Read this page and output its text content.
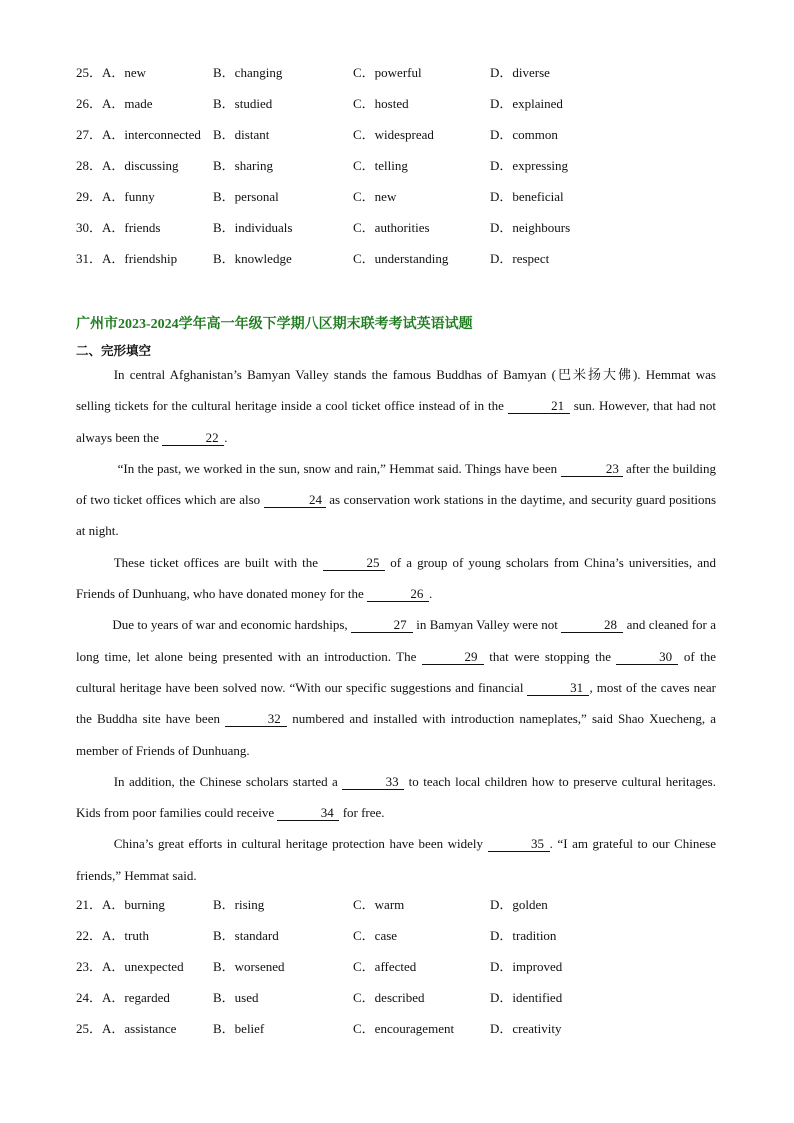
25． A．new	B．changing	C．powerful	D．diverse
26． A．made	B．studied	C．hosted	D．explained
27． A．interconnected B．distant	C．widespread	D．common
28． A．discussing	B．sharing	C．telling	D．expressing
29． A．funny	B．personal	C．new	D．beneficial
30． A．friends	B．individuals	C．authorities	D．neighbours
31． A．friendship	B．knowledge	C．understanding	D．respect
广州市2023-2024学年高一年级下学期八区期末联考考试英语试题
二、完形填空

In central Afghanistan’s Bamyan Valley stands the famous Buddhas of Bamyan (巴米扬大佛). Hemmat was selling tickets for the cultural heritage inside a cool ticket office instead of in the	21 sun. However, that had not always been the	22 .

“In the past, we worked in the sun, snow and rain,” Hemmat said. Things have been	23 after the building of two ticket offices which are also	24 as conservation work stations in the daytime, and security guard positions at night.

These ticket offices are built with the	25 of a group of young scholars from China’s universities, and Friends of Dunhuang, who have donated money for the	26 .

Due to years of war and economic hardships,	27 in Bamyan Valley were not	28 and cleaned for a long time, let alone being presented with an introduction. The	29 that were stopping the	30 of the cultural heritage have been solved now. “With our specific suggestions and financial	31 , most of the caves near the Buddha site have been	32 numbered and installed with introduction nameplates,” said Shao Xuecheng, a member of Friends of Dunhuang.

In addition, the Chinese scholars started a	33 to teach local children how to preserve cultural heritages. Kids from poor families could receive	34 for free.

China’s great efforts in cultural heritage protection have been widely	35 . “I am grateful to our Chinese friends,” Hemmat said.

21． A．burning	B．rising	C．warm	D．golden
22． A．truth	B．standard	C．case	D．tradition
23． A．unexpected B．worsened	C．affected	D．improved
24． A．regarded	B．used	C．described	D．identified
25． A．assistance	B．belief	C．encouragement	D．creativity
